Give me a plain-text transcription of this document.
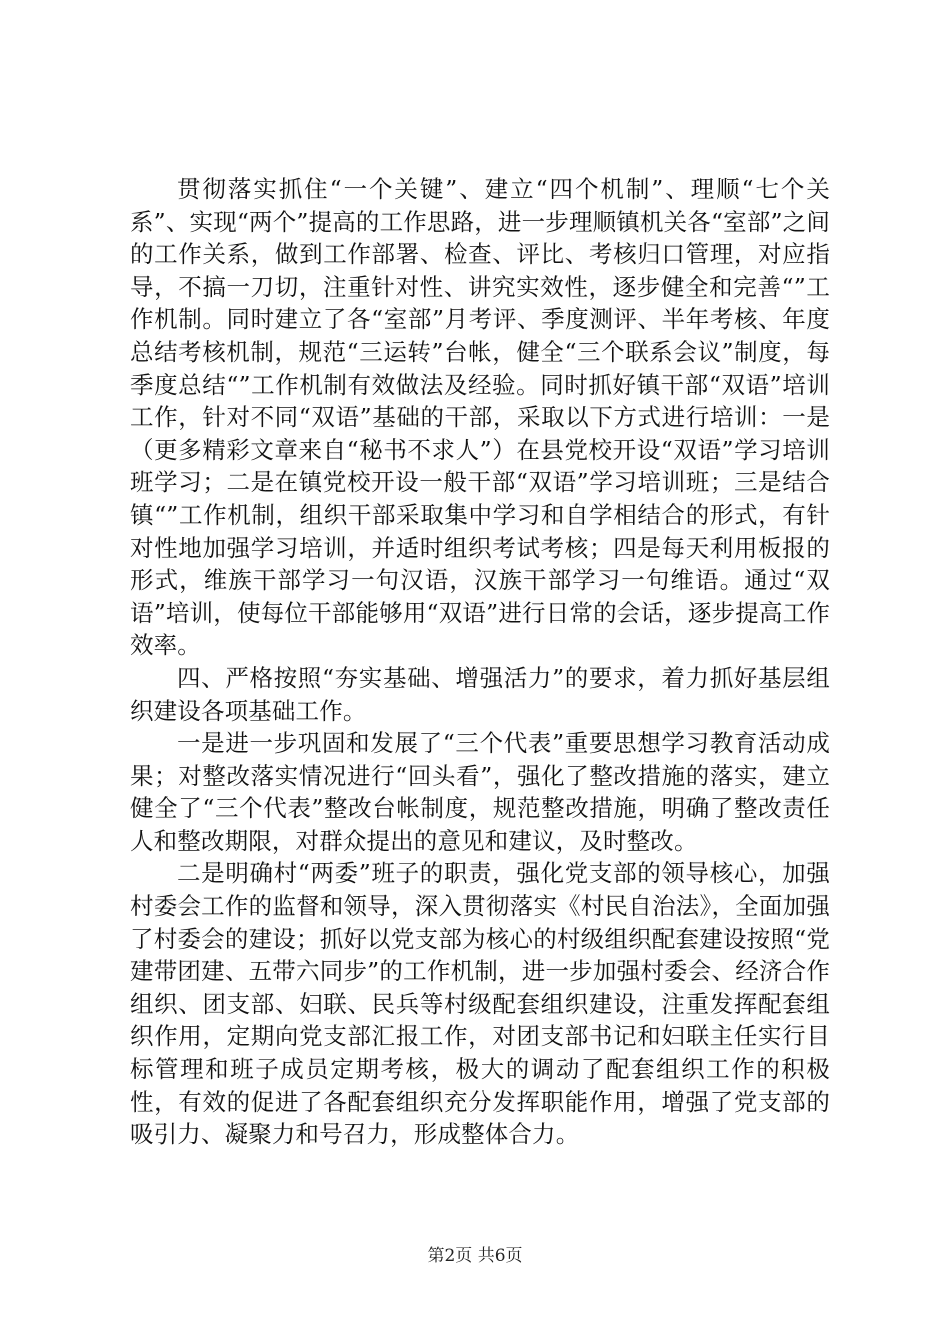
贯彻落实抓住“一个关键”、建立“四个机制”、理顺“七个关系”、实现“两个”提高的工作思路，进一步理顺镇机关各“室部”之间的工作关系，做到工作部署、检查、评比、考核归口管理，对应指导，不搞一刀切，注重针对性、讲究实效性，逐步健全和完善“”工作机制。同时建立了各“室部”月考评、季度测评、半年考核、年度总结考核机制，规范“三运转”台帐，健全“三个联系会议”制度，每季度总结“”工作机制有效做法及经验。同时抓好镇干部“双语”培训工作，针对不同“双语”基础的干部，采取以下方式进行培训：一是（更多精彩文章来自“秘书不求人”）在县党校开设“双语”学习培训班学习；二是在镇党校开设一般干部“双语”学习培训班；三是结合镇“”工作机制，组织干部采取集中学习和自学相结合的形式，有针对性地加强学习培训，并适时组织考试考核；四是每天利用板报的形式，维族干部学习一句汉语，汉族干部学习一句维语。通过“双语”培训，使每位干部能够用“双语”进行日常的会话，逐步提高工作效率。

四、严格按照“夯实基础、增强活力”的要求，着力抓好基层组织建设各项基础工作。

一是进一步巩固和发展了“三个代表”重要思想学习教育活动成果；对整改落实情况进行“回头看”，强化了整改措施的落实，建立健全了“三个代表”整改台帐制度，规范整改措施，明确了整改责任人和整改期限，对群众提出的意见和建议，及时整改。

二是明确村“两委”班子的职责，强化党支部的领导核心，加强村委会工作的监督和领导，深入贯彻落实《村民自治法》，全面加强了村委会的建设；抓好以党支部为核心的村级组织配套建设按照“党建带团建、五带六同步”的工作机制，进一步加强村委会、经济合作组织、团支部、妇联、民兵等村级配套组织建设，注重发挥配套组织作用，定期向党支部汇报工作，对团支部书记和妇联主任实行目标管理和班子成员定期考核，极大的调动了配套组织工作的积极性，有效的促进了各配套组织充分发挥职能作用，增强了党支部的吸引力、凝聚力和号召力，形成整体合力。

第2页 共6页
